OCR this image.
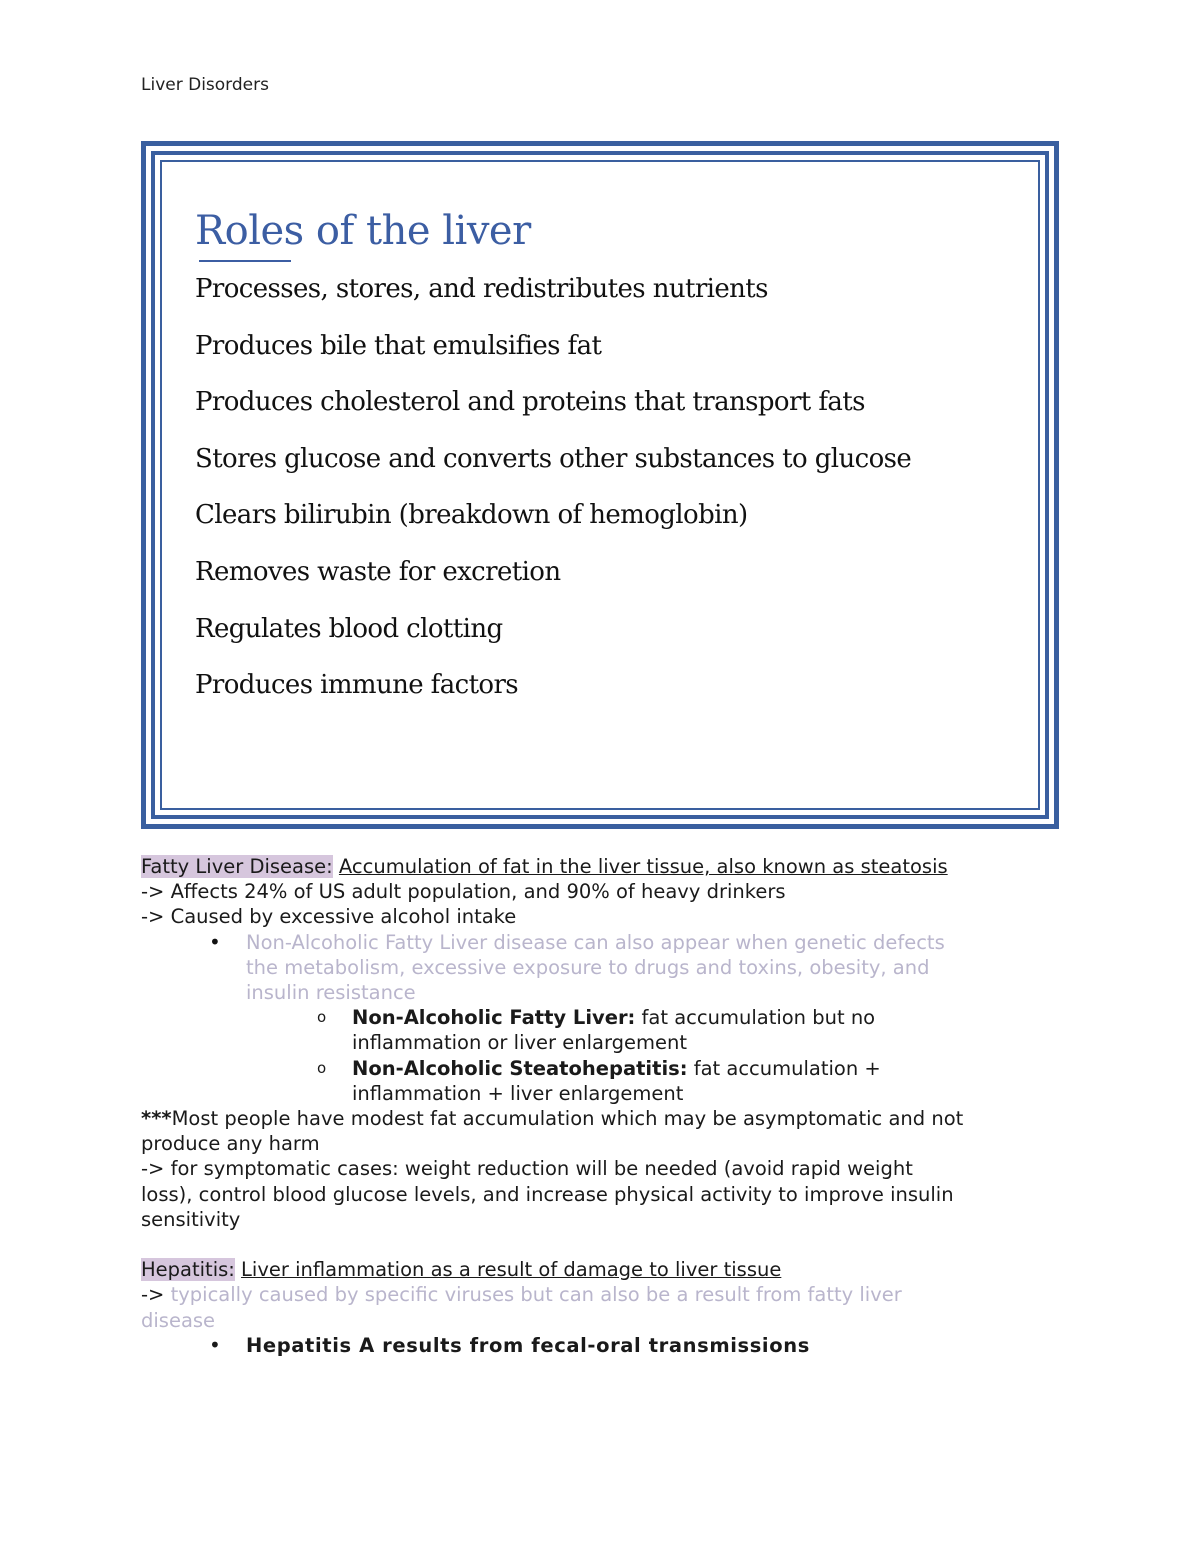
Liver Disorders
Roles of the liver
Processes, stores, and redistributes nutrients
Produces bile that emulsifies fat
Produces cholesterol and proteins that transport fats
Stores glucose and converts other substances to glucose
Clears bilirubin (breakdown of hemoglobin)
Removes waste for excretion
Regulates blood clotting
Produces immune factors
Fatty Liver Disease: Accumulation of fat in the liver tissue, also known as steatosis
-> Affects 24% of US adult population, and 90% of heavy drinkers
-> Caused by excessive alcohol intake
• Non-Alcoholic Fatty Liver disease can also appear when genetic defects
the metabolism, excessive exposure to drugs and toxins, obesity, and
insulin resistance
o Non-Alcoholic Fatty Liver: fat accumulation but no
inflammation or liver enlargement
o Non-Alcoholic Steatohepatitis: fat accumulation +
inflammation + liver enlargement
***Most people have modest fat accumulation which may be asymptomatic and not
produce any harm
-> for symptomatic cases: weight reduction will be needed (avoid rapid weight
loss), control blood glucose levels, and increase physical activity to improve insulin
sensitivity
Hepatitis: Liver inflammation as a result of damage to liver tissue
-> typically caused by specific viruses but can also be a result from fatty liver
disease
• Hepatitis A results from fecal-oral transmissions
